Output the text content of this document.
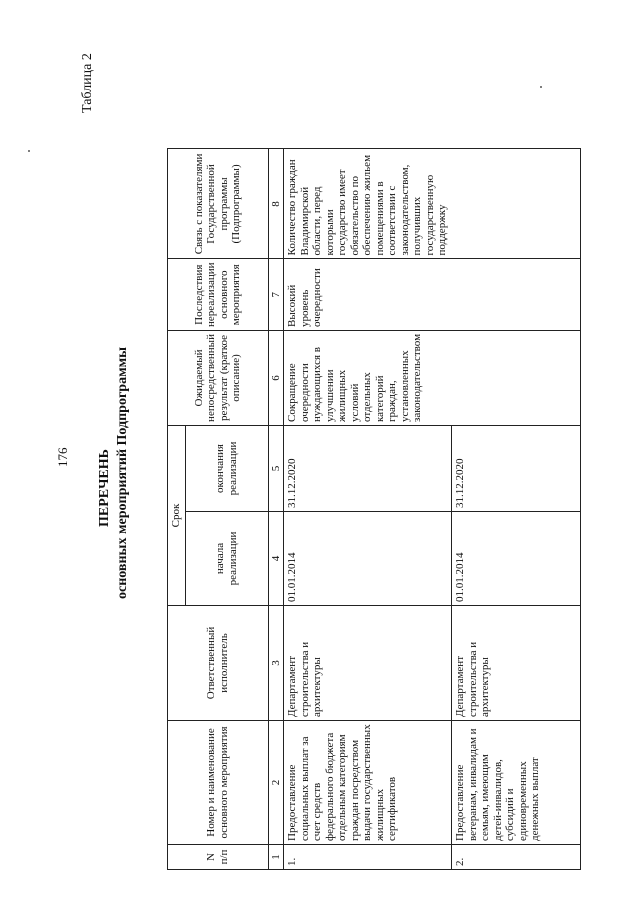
176
Таблица 2
ПЕРЕЧЕНЬ основных мероприятий Подпрограммы
N п/п	Номер и наименование основного мероприятия	Ответственный исполнитель	Срок		Ожидаемый непосредственный результат (краткое описание)	Последствия нереализации основного мероприятия	Связь с показателями Государственной программы (Подпрограммы)
			начала реализации	окончания реализации			
1	2	3	4	5	6	7	8
1.	Предоставление социальных выплат за счет средств федерального бюджета отдельным категориям граждан посредством выдачи государственных жилищных сертификатов	Департамент строительства и архитектуры	01.01.2014	31.12.2020	Сокращение очередности нуждающихся в улучшении жилищных условий отдельных категорий граждан, установленных законодательством	Высокий уровень очередности	Количество граждан Владимирской области, перед которыми государство имеет обязательство по обеспечению жильем помещениями в соответствии с законодательством, получивших государственную поддержку
2.	Предоставление ветеранам, инвалидам и семьям, имеющим детей-инвалидов, субсидий и единовременных денежных выплат	Департамент строительства и архитектуры	01.01.2014	31.12.2020			
